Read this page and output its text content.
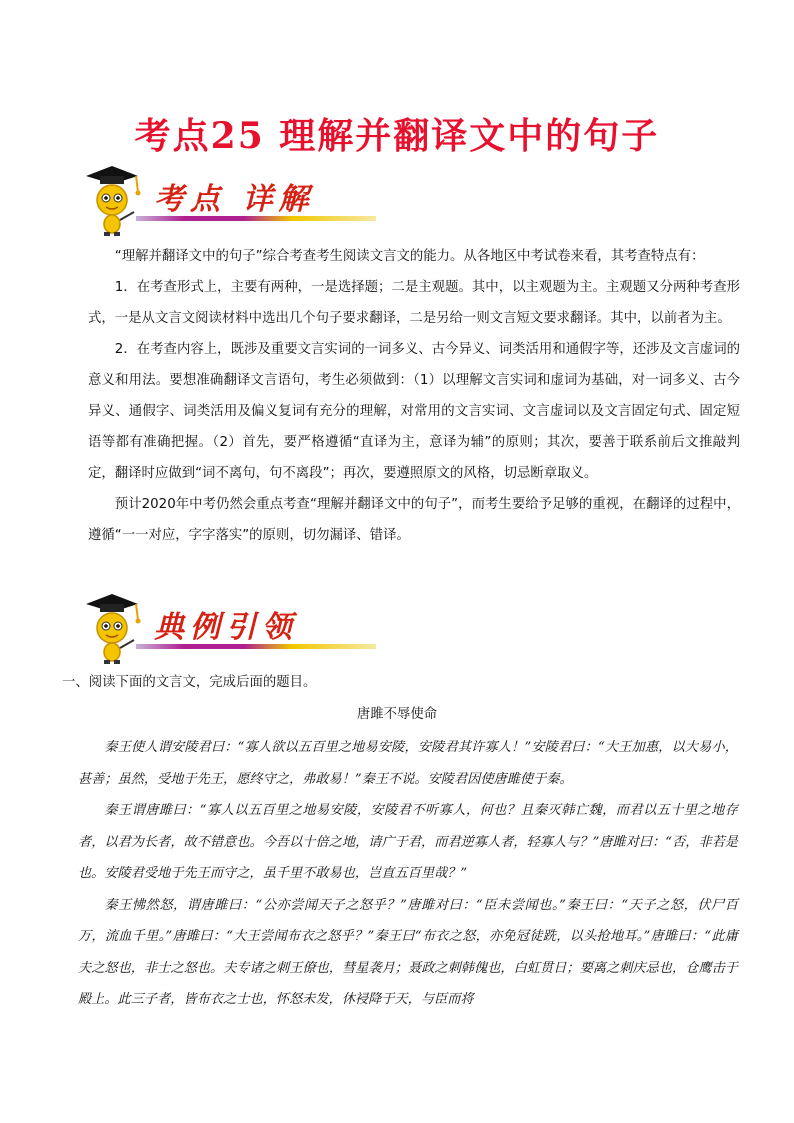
考点25 理解并翻译文中的句子
考点 详解

“理解并翻译文中的句子”综合考查考生阅读文言文的能力。从各地区中考试卷来看，其考查特点有：

1．在考查形式上，主要有两种，一是选择题；二是主观题。其中，以主观题为主。主观题又分两种考查形式，一是从文言文阅读材料中选出几个句子要求翻译，二是另给一则文言短文要求翻译。其中，以前者为主。

2．在考查内容上，既涉及重要文言实词的一词多义、古今异义、词类活用和通假字等，还涉及文言虚词的意义和用法。要想准确翻译文言语句，考生必须做到：（1）以理解文言实词和虚词为基础，对一词多义、古今异义、通假字、词类活用及偏义复词有充分的理解，对常用的文言实词、文言虚词以及文言固定句式、固定短语等都有准确把握。（2）首先，要严格遵循“直译为主，意译为辅”的原则；其次，要善于联系前后文推敲判定，翻译时应做到“词不离句，句不离段”；再次，要遵照原文的风格，切忌断章取义。

预计2020年中考仍然会重点考查“理解并翻译文中的句子”，而考生要给予足够的重视，在翻译的过程中，遵循“一一对应，字字落实”的原则，切勿漏译、错译。

典例引领

一、阅读下面的文言文，完成后面的题目。

唐雎不辱使命

秦王使人谓安陵君曰：“寡人欲以五百里之地易安陵，安陵君其许寡人！”安陵君曰：“大王加惠，以大易小，甚善；虽然，受地于先王，愿终守之，弗敢易！”秦王不说。安陵君因使唐雎使于秦。

秦王谓唐雎曰：“寡人以五百里之地易安陵，安陵君不听寡人，何也？且秦灭韩亡魏，而君以五十里之地存者，以君为长者，故不错意也。今吾以十倍之地，请广于君，而君逆寡人者，轻寡人与？”唐雎对曰：“否，非若是也。安陵君受地于先王而守之，虽千里不敢易也，岂直五百里哉？”

秦王怫然怒，谓唐雎曰：“公亦尝闻天子之怒乎？”唐雎对曰：“臣未尝闻也。”秦王曰：“天子之怒，伏尸百万，流血千里。”唐雎曰：“大王尝闻布衣之怒乎？”秦王曰“布衣之怒，亦免冠徒跣，以头抢地耳。”唐雎曰：“此庸夫之怒也，非士之怒也。夫专诸之刺王僚也，彗星袭月；聂政之刺韩傀也，白虹贯日；要离之刺庆忌也，仓鹰击于殿上。此三子者，皆布衣之士也，怀怒未发，休祲降于天，与臣而将
